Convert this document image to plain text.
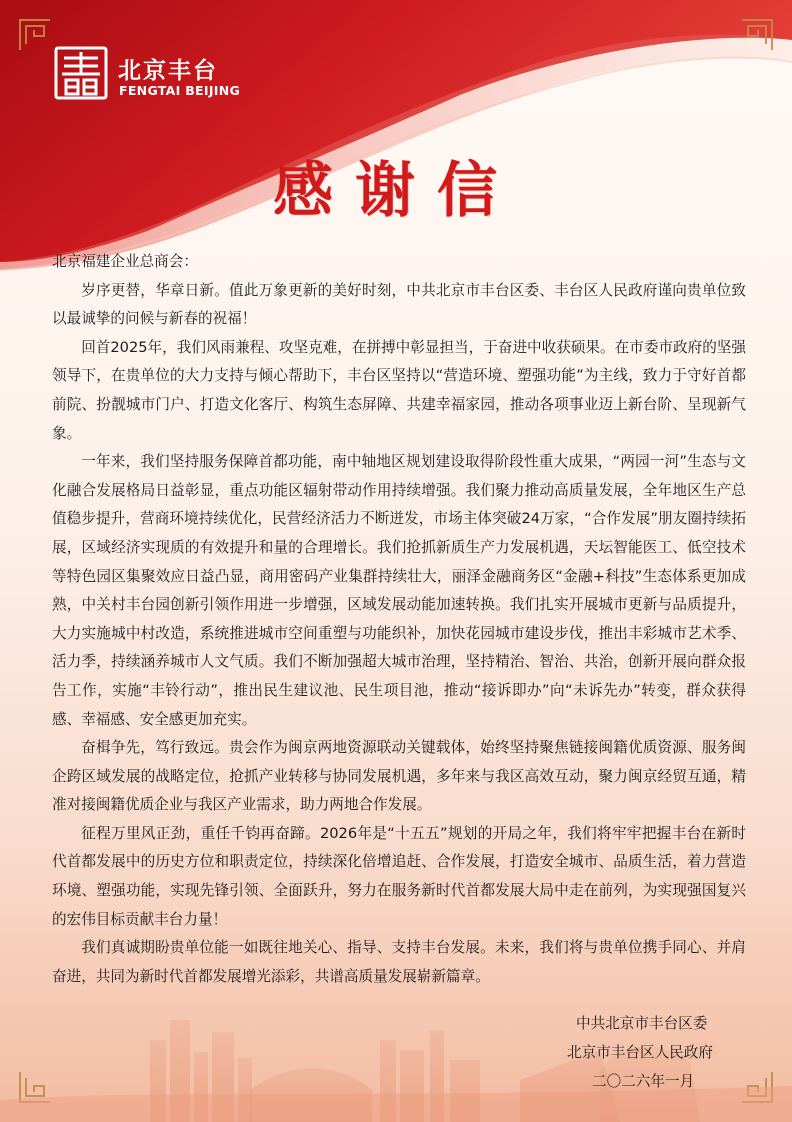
北京丰台
FENGTAI BEIJING
感谢信

北京福建企业总商会：

岁序更替，华章日新。值此万象更新的美好时刻，中共北京市丰台区委、丰台区人民政府谨向贵单位致以最诚挚的问候与新春的祝福！

回首2025年，我们风雨兼程、攻坚克难，在拼搏中彰显担当，于奋进中收获硕果。在市委市政府的坚强领导下，在贵单位的大力支持与倾心帮助下，丰台区坚持以“营造环境、塑强功能”为主线，致力于守好首都前院、扮靓城市门户、打造文化客厅、构筑生态屏障、共建幸福家园，推动各项事业迈上新台阶、呈现新气象。

一年来，我们坚持服务保障首都功能，南中轴地区规划建设取得阶段性重大成果，“两园一河”生态与文化融合发展格局日益彰显，重点功能区辐射带动作用持续增强。我们聚力推动高质量发展，全年地区生产总值稳步提升，营商环境持续优化，民营经济活力不断迸发，市场主体突破24万家，“合作发展”朋友圈持续拓展，区域经济实现质的有效提升和量的合理增长。我们抢抓新质生产力发展机遇，天坛智能医工、低空技术等特色园区集聚效应日益凸显，商用密码产业集群持续壮大，丽泽金融商务区“金融+科技”生态体系更加成熟，中关村丰台园创新引领作用进一步增强，区域发展动能加速转换。我们扎实开展城市更新与品质提升，大力实施城中村改造，系统推进城市空间重塑与功能织补，加快花园城市建设步伐，推出丰彩城市艺术季、活力季，持续涵养城市人文气质。我们不断加强超大城市治理，坚持精治、智治、共治，创新开展向群众报告工作，实施“丰铃行动”，推出民生建议池、民生项目池，推动“接诉即办”向“未诉先办”转变，群众获得感、幸福感、安全感更加充实。

奋楫争先，笃行致远。贵会作为闽京两地资源联动关键载体，始终坚持聚焦链接闽籍优质资源、服务闽企跨区域发展的战略定位，抢抓产业转移与协同发展机遇，多年来与我区高效互动，聚力闽京经贸互通，精准对接闽籍优质企业与我区产业需求，助力两地合作发展。

征程万里风正劲，重任千钧再奋蹄。2026年是“十五五”规划的开局之年，我们将牢牢把握丰台在新时代首都发展中的历史方位和职责定位，持续深化倍增追赶、合作发展，打造安全城市、品质生活，着力营造环境、塑强功能，实现先锋引领、全面跃升，努力在服务新时代首都发展大局中走在前列，为实现强国复兴的宏伟目标贡献丰台力量！

我们真诚期盼贵单位能一如既往地关心、指导、支持丰台发展。未来，我们将与贵单位携手同心、并肩奋进，共同为新时代首都发展增光添彩，共谱高质量发展崭新篇章。

中共北京市丰台区委
北京市丰台区人民政府
二〇二六年一月
